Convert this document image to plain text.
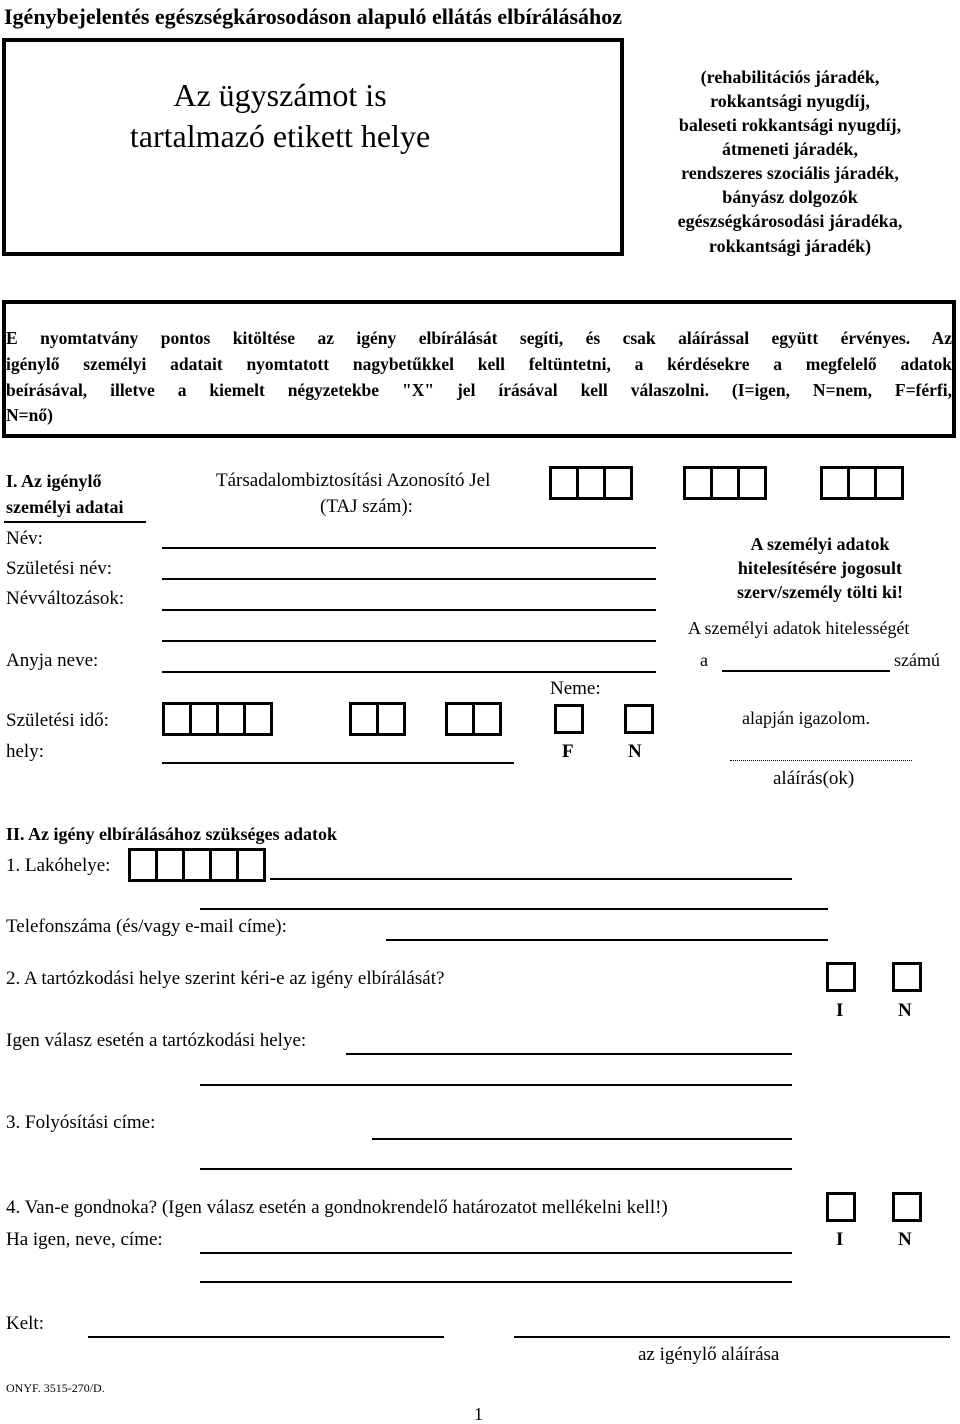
Igénybejelentés egészségkárosodáson alapuló ellátás elbírálásához
Az ügyszámot is
tartalmazó etikett helye
(rehabilitációs járadék,
rokkantsági nyugdíj,
baleseti rokkantsági nyugdíj,
átmeneti járadék,
rendszeres szociális járadék,
bányász dolgozók
egészségkárosodási járadéka,
rokkantsági járadék)
E nyomtatvány pontos kitöltése az igény elbírálását segíti, és csak aláírással együtt érvényes. Az
igénylő személyi adatait nyomtatott nagybetűkkel kell feltüntetni, a kérdésekre a megfelelő adatok
beírásával, illetve a kiemelt négyzetekbe "X" jel írásával kell válaszolni. (I=igen, N=nem, F=férfi,
N=nő)
I. Az igénylő
személyi adatai
Társadalombiztosítási Azonosító Jel
(TAJ szám):
Név:
Születési név:
Névváltozások:
Anyja neve:
Születési idő:
hely:
Neme:
F	N
A személyi adatok
hitelesítésére jogosult
szerv/személy tölti ki!
A személyi adatok hitelességét
a	számú
alapján igazolom.
aláírás(ok)
II. Az igény elbírálásához szükséges adatok
1. Lakóhelye:
Telefonszáma (és/vagy e-mail címe):
2. A tartózkodási helye szerint kéri-e az igény elbírálását?
I	N
Igen válasz esetén a tartózkodási helye:
3. Folyósítási címe:
4. Van-e gondnoka? (Igen válasz esetén a gondnokrendelő határozatot mellékelni kell!)
Ha igen, neve, címe:	I	N
Kelt:
az igénylő aláírása
ONYF. 3515-270/D.
1
